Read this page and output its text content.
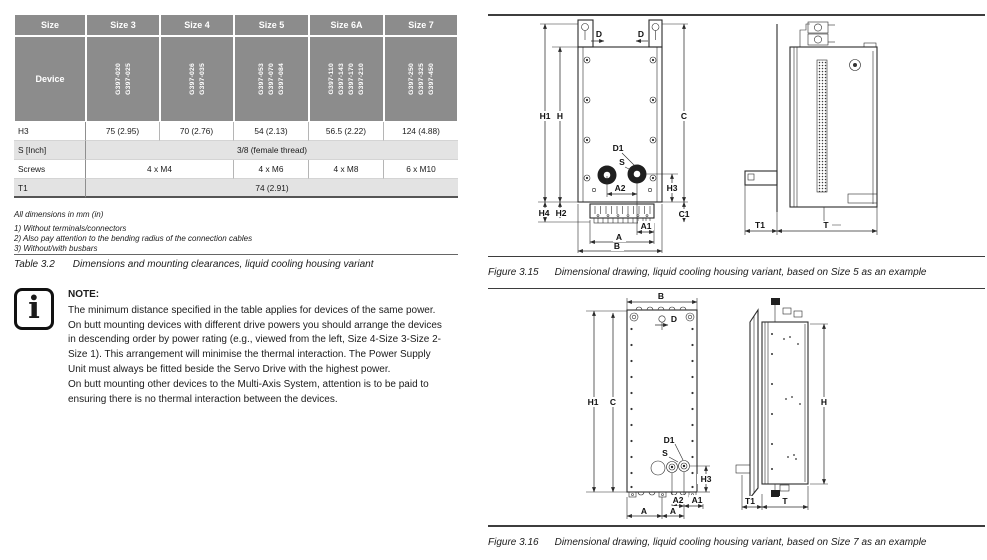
Size	Size 3	Size 4	Size 5	Size 6A	Size 7
Device	G397-020 G397-025	G397-026 G397-035	G397-053 G397-070 G397-084	G397-110 G397-143 G397-170 G397-210	G397-250 G397-325 G397-450
H3	75 (2.95)	70 (2.76)	54 (2.13)	56.5 (2.22)	124 (4.88)
S [Inch]	3/8 (female thread)
Screws	4 x M4	4 x M6	4 x M8	6 x M10
T1	74 (2.91)
All dimensions in mm (in)
1) Without terminals/connectors
2) Also pay attention to the bending radius of the connection cables
3) Without/with busbars
Table 3.2 Dimensions and mounting clearances, liquid cooling housing variant
i	NOTE:
The minimum distance specified in the table applies for devices of the same power. On butt mounting devices with different drive powers you should arrange the devices in descending order by power rating (e.g., viewed from the left, Size 4-Size 3-Size 2-Size 1). This arrangement will minimise the thermal interaction. The Power Supply Unit must always be fitted beside the Servo Drive with the highest power.
On butt mounting other devices to the Multi-Axis System, attention is to be paid to ensuring there is no thermal interaction between the devices.
D	D
D1
S
A2	H3
C
C1
H1 H
H4 H2
A1
A
B
T1	T
Figure 3.15 Dimensional drawing, liquid cooling housing variant, based on Size 5 as an example
D
B
H1 C
D1
S
H3
A2 A1
A	A
H
T1	T
Figure 3.16 Dimensional drawing, liquid cooling housing variant, based on Size 7 as an example
